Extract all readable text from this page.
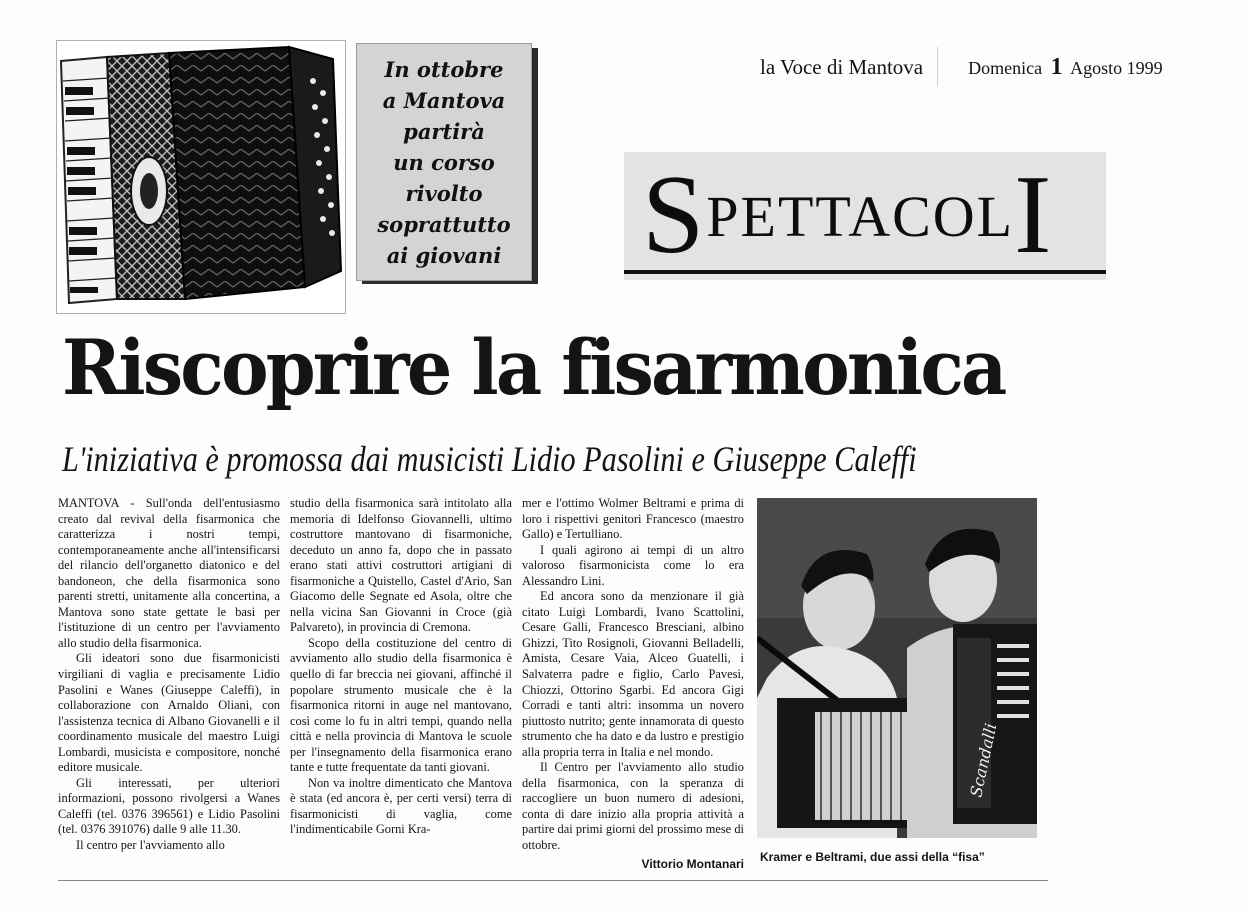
la Voce di Mantova	Domenica 1 Agosto 1999
In ottobre
a Mantova
partirà
un corso
rivolto
soprattutto
ai giovani SPETTACOLI
Riscoprire la fisarmonica
L'iniziativa è promossa dai musicisti Lidio Pasolini e Giuseppe Caleffi

MANTOVA - Sull'onda dell'entusiasmo creato dal revival della fisarmonica che caratterizza i nostri tempi, contemporaneamente anche all'intensificarsi del rilancio dell'organetto diatonico e del bandoneon, che della fisarmonica sono parenti stretti, unitamente alla concertina, a Mantova sono state gettate le basi per l'istituzione di un centro per l'avviamento allo studio della fisarmonica.

Gli ideatori sono due fisarmonicisti virgiliani di vaglia e precisamente Lidio Pasolini e Wanes (Giuseppe Caleffi), in collaborazione con Arnaldo Oliani, con l'assistenza tecnica di Albano Giovanelli e il coordinamento musicale del maestro Luigi Lombardi, musicista e compositore, nonché editore musicale.

Gli interessati, per ulteriori informazioni, possono rivolgersi a Wanes Caleffi (tel. 0376 396561) e Lidio Pasolini (tel. 0376 391076) dalle 9 alle 11.30.

Il centro per l'avviamento allo

studio della fisarmonica sarà intitolato alla memoria di Idelfonso Giovannelli, ultimo costruttore mantovano di fisarmoniche, deceduto un anno fa, dopo che in passato erano stati attivi costruttori artigiani di fisarmoniche a Quistello, Castel d'Ario, San Giacomo delle Segnate ed Asola, oltre che nella vicina San Giovanni in Croce (già Palvareto), in provincia di Cremona.

Scopo della costituzione del centro di avviamento allo studio della fisarmonica è quello di far breccia nei giovani, affinché il popolare strumento musicale che è la fisarmonica ritorni in auge nel mantovano, così come lo fu in altri tempi, quando nella città e nella provincia di Mantova le scuole per l'insegnamento della fisarmonica erano tante e tutte frequentate da tanti giovani.

Non va inoltre dimenticato che Mantova è stata (ed ancora è, per certi versi) terra di fisarmonicisti di vaglia, come l'indimenticabile Gorni Kra-

mer e l'ottimo Wolmer Beltrami e prima di loro i rispettivi genitori Francesco (maestro Gallo) e Tertulliano.

I quali agirono ai tempi di un altro valoroso fisarmonicista come lo era Alessandro Lini.

Ed ancora sono da menzionare il già citato Luigi Lombardi, Ivano Scattolini, Cesare Galli, Francesco Bresciani, albino Ghizzi, Tito Rosignoli, Giovanni Belladelli, Amista, Cesare Vaia, Alceo Guatelli, i Salvaterra padre e figlio, Carlo Pavesi, Chiozzi, Ottorino Sgarbi. Ed ancora Gigi Corradi e tanti altri: insomma un novero piuttosto nutrito; gente innamorata di questo strumento che ha dato e da lustro e prestigio alla propria terra in Italia e nel mondo.

Il Centro per l'avviamento allo studio della fisarmonica, con la speranza di raccogliere un buon numero di adesioni, conta di dare inizio alla propria attività a partire dai primi giorni del prossimo mese di ottobre.

Vittorio Montanari

Scandalli
Kramer e Beltrami, due assi della “fisa”
